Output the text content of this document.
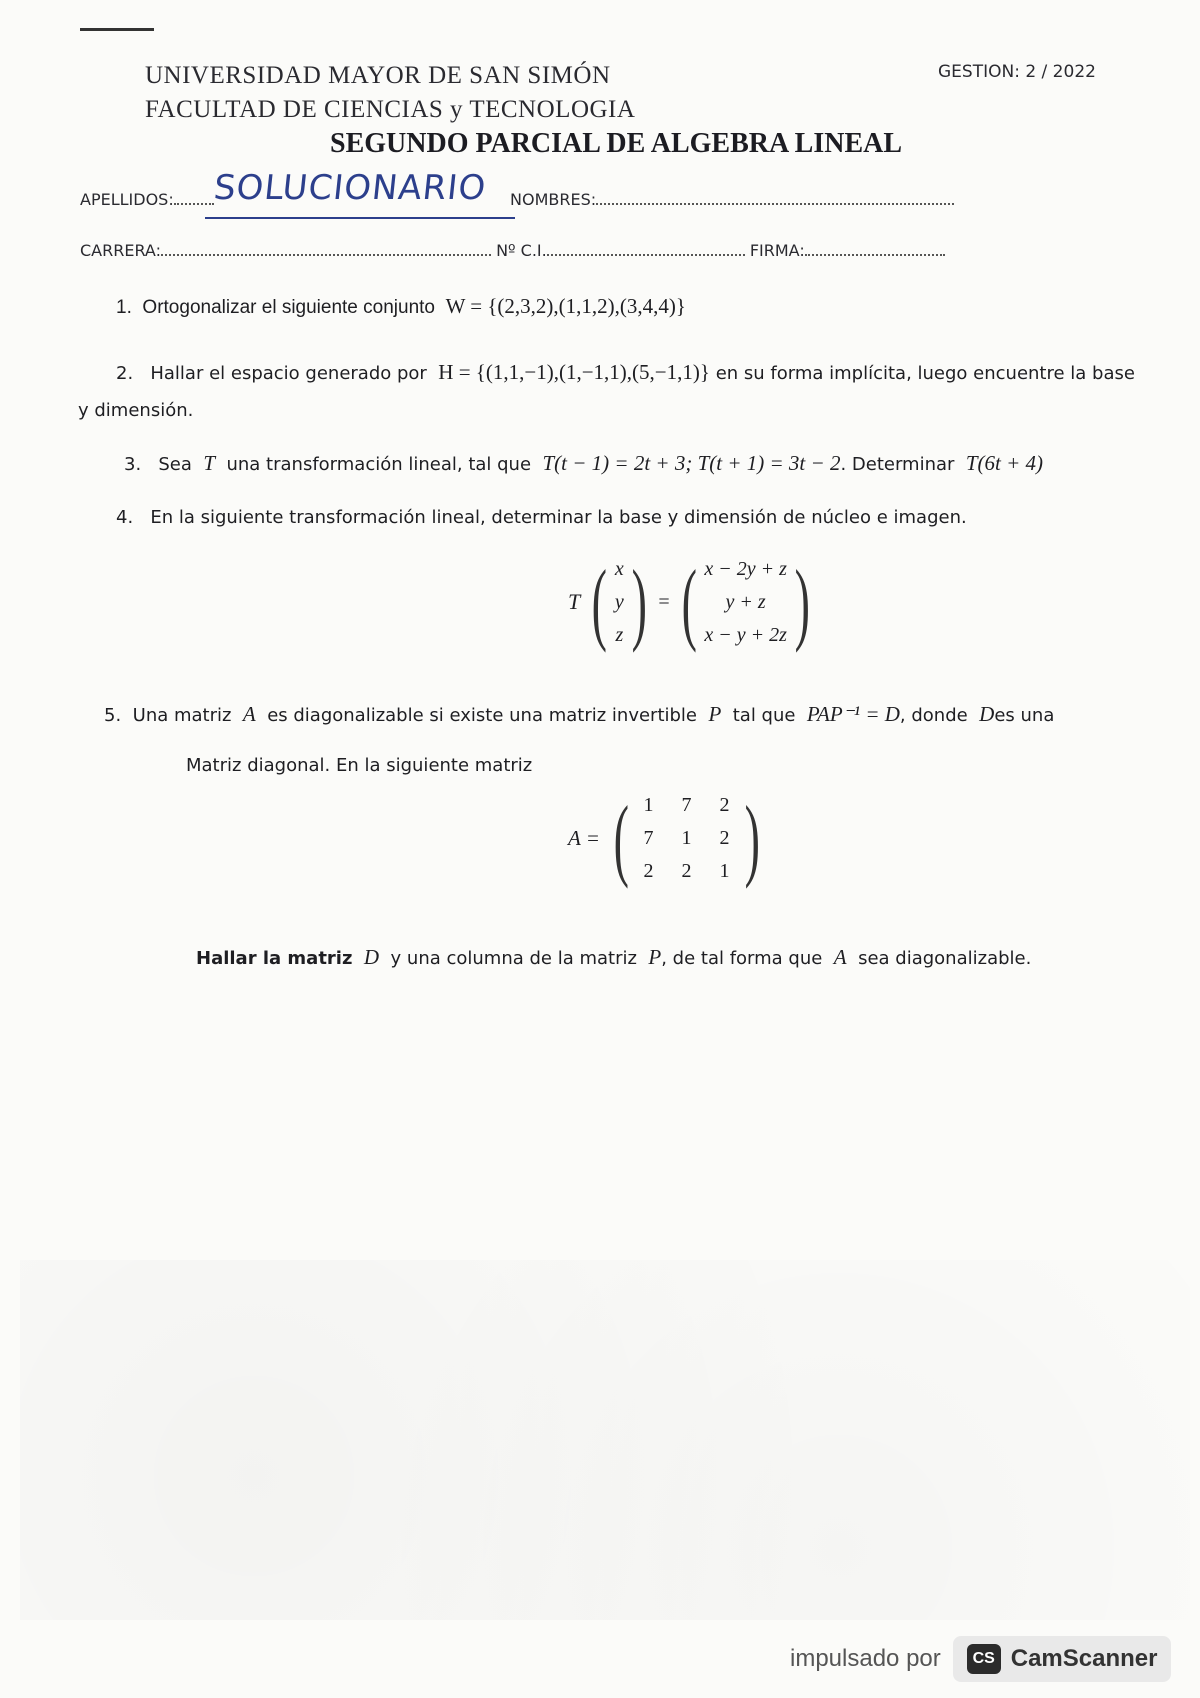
UNIVERSIDAD MAYOR DE SAN SIMÓN
FACULTAD DE CIENCIAS y TECNOLOGIA
GESTION: 2 / 2022
SEGUNDO PARCIAL DE ALGEBRA LINEAL
APELLIDOS:	SOLUCIONARIO NOMBRES:
CARRERA:	Nº C.I.	FIRMA:
1. Ortogonalizar el siguiente conjunto W = {(2,3,2),(1,1,2),(3,4,4)}
2. Hallar el espacio generado por H = {(1,1,−1),(1,−1,1),(5,−1,1)} en su forma implícita, luego encuentre la base
y dimensión.
3. Sea T una transformación lineal, tal que T(t − 1) = 2t + 3; T(t + 1) = 3t − 2. Determinar T(6t + 4)
4. En la siguiente transformación lineal, determinar la base y dimensión de núcleo e imagen.
T ( x
y
z ) = ( x − 2y + z
y + z
x − y + 2z )
5. Una matriz A es diagonalizable si existe una matriz invertible P tal que PAP⁻¹ = D, donde Des una
Matriz diagonal. En la siguiente matriz
A = ( 1	7	2
7	1	2
2	2	1 )
Hallar la matriz D y una columna de la matriz P, de tal forma que A sea diagonalizable.
impulsado por	CS CamScanner
